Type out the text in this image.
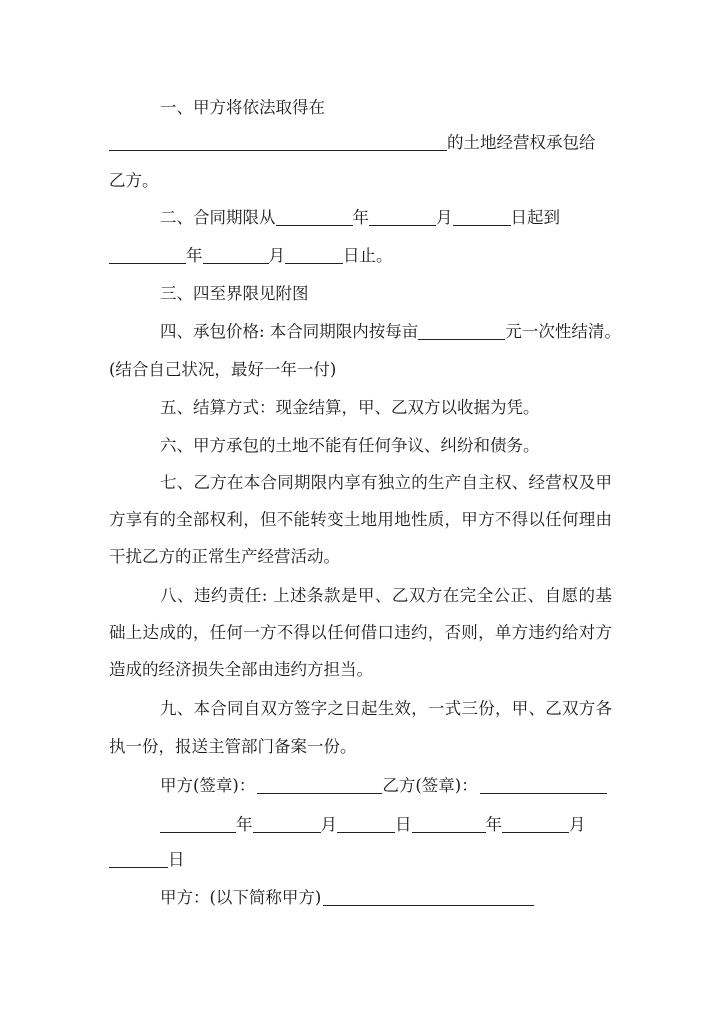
一、甲方将依法取得在
的土地经营权承包给
乙方。
二、合同期限从	年	月	日起到
年	月	日止。
三、四至界限见附图
四、承包价格: 本合同期限内按每亩	元一次性结清。
(结合自己状况，最好一年一付)
五、结算方式：现金结算，甲、乙双方以收据为凭。
六、甲方承包的土地不能有任何争议、纠纷和债务。
七、乙方在本合同期限内享有独立的生产自主权、经营权及甲
方享有的全部权利，但不能转变土地用地性质，甲方不得以任何理由
干扰乙方的正常生产经营活动。
八、违约责任: 上述条款是甲、乙双方在完全公正、自愿的基
础上达成的，任何一方不得以任何借口违约，否则，单方违约给对方
造成的经济损失全部由违约方担当。
九、本合同自双方签字之日起生效，一式三份，甲、乙双方各
执一份，报送主管部门备案一份。
甲方(签章)：	乙方(签章)：
年	月	日	年	月
日
甲方：(以下简称甲方)
